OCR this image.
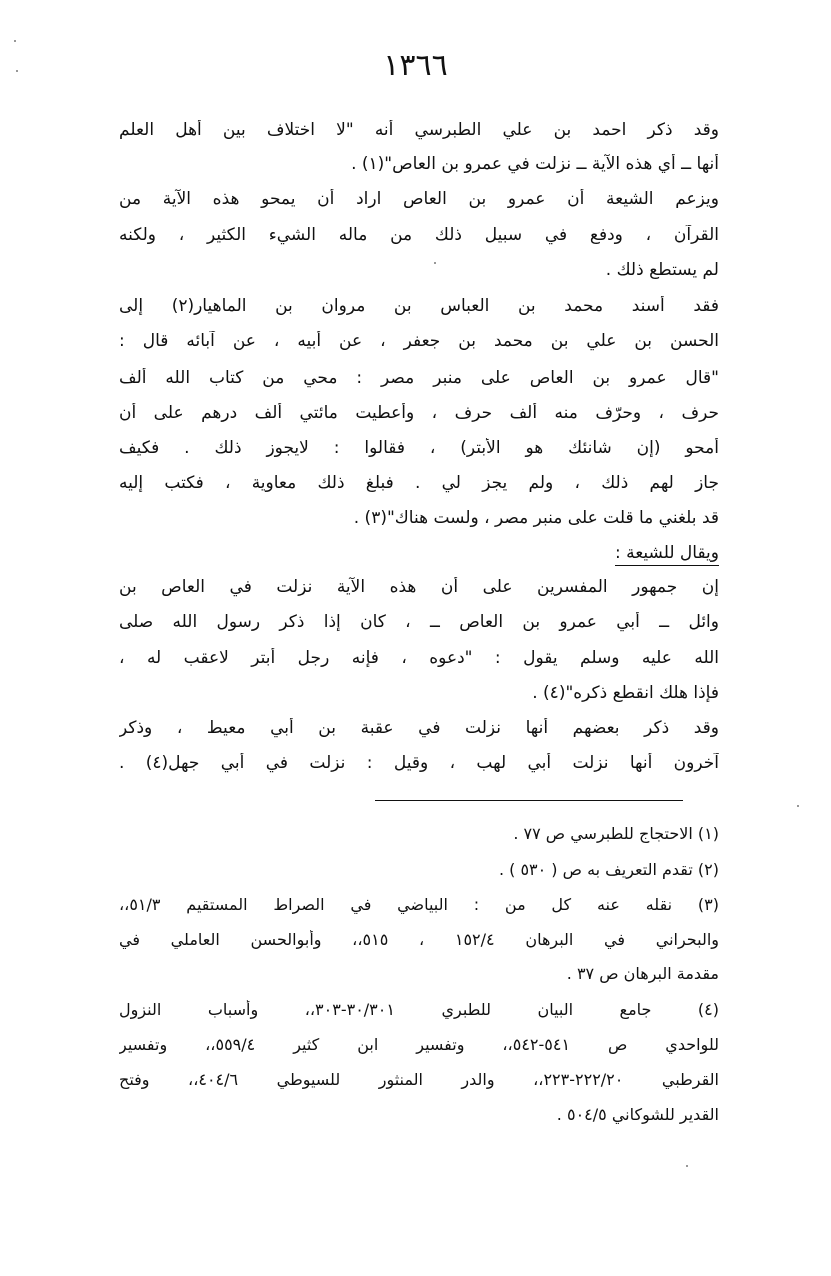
١٣٦٦
وقد ذكر احمد بن علي الطبرسي أنه "لا اختلاف بين أهل العلم
أنها ــ أي هذه الآية ــ نزلت في عمرو بن العاص"(١) .
ويزعم الشيعة أن عمرو بن العاص اراد أن يمحو هذه الآية من
القرآن ، ودفع في سبيل ذلك من ماله الشيء الكثير ، ولكنه
لم يستطع ذلك .
فقد أسند محمد بن العباس بن مروان بن الماهيار(٢) إلى
الحسن بن علي بن محمد بن جعفر ، عن أبيه ، عن آبائه قال :
"قال عمرو بن العاص على منبر مصر : محي من كتاب الله ألف
حرف ، وحرّف منه ألف حرف ، وأعطيت مائتي ألف درهم على أن
أمحو (إن شانئك هو الأبتر) ، فقالوا : لايجوز ذلك . فكيف
جاز لهم ذلك ، ولم يجز لي . فبلغ ذلك معاوية ، فكتب إليه
قد بلغني ما قلت على منبر مصر ، ولست هناك"(٣) .
ويقال للشيعة :
إن جمهور المفسرين على أن هذه الآية نزلت في العاص بن
وائل ــ أبي عمرو بن العاص ــ ، كان إذا ذكر رسول الله صلى
الله عليه وسلم يقول : "دعوه ، فإنه رجل أبتر لاعقب له ،
فإذا هلك انقطع ذكره"(٤) .
وقد ذكر بعضهم أنها نزلت في عقبة بن أبي معيط ، وذكر
آخرون أنها نزلت أبي لهب ، وقيل : نزلت في أبي جهل(٤) .
(١) الاحتجاج للطبرسي ص ٧٧ .
(٢) تقدم التعريف به ص ( ٥٣٠ ) .
(٣) نقله عنه كل من : البياضي في الصراط المستقيم ٥١/٣،،
والبحراني في البرهان ١٥٢/٤ ، ٥١٥،، وأبوالحسن العاملي في
مقدمة البرهان ص ٣٧ .
(٤) جامع البيان للطبري ٣٠/٣٠١-٣٠٣،، وأسباب النزول
للواحدي ص ٥٤١-٥٤٢،، وتفسير ابن كثير ٥٥٩/٤،، وتفسير
القرطبي ٢٢٢/٢٠-٢٢٣،، والدر المنثور للسيوطي ٤٠٤/٦،، وفتح
القدير للشوكاني ٥٠٤/٥ .
